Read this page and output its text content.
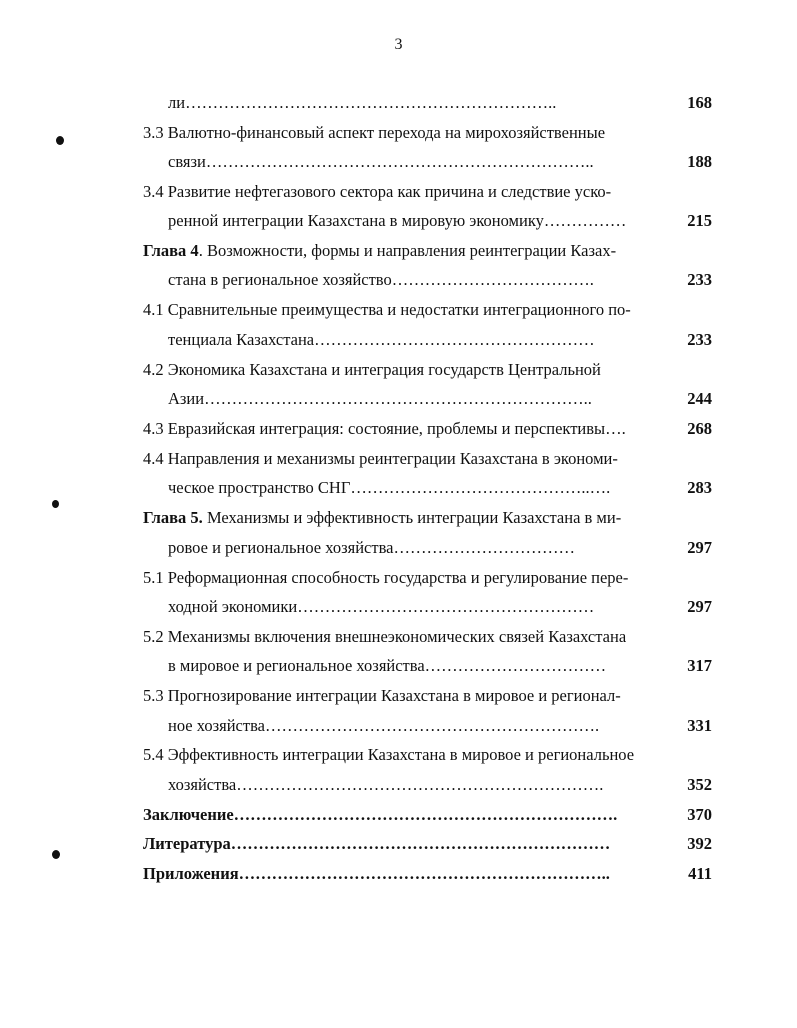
3
ли…………………………………………………………..	168
3.3 Валютно-финансовый аспект перехода на мирохозяйственные
связи……………………………………………………………..	188
3.4 Развитие нефтегазового сектора как причина и следствие уско-
ренной интеграции Казахстана в мировую экономику……………	215
Глава 4. Возможности, формы и направления реинтеграции Казах-
стана в региональное хозяйство……………………………….	233
4.1 Сравнительные преимущества и недостатки интеграционного по-
тенциала Казахстана……………………………………………	233
4.2 Экономика Казахстана и интеграция государств Центральной
Азии……………………………………………………………..	244
4.3 Евразийская интеграция: состояние, проблемы и перспективы….	268
4.4 Направления и механизмы реинтеграции Казахстана в экономи-
ческое пространство СНГ……………………………………..….	283
Глава 5. Механизмы и эффективность интеграции Казахстана в ми-
ровое и региональное хозяйства……………………………	297
5.1 Реформационная способность государства и регулирование пере-
ходной экономики………………………………………………	297
5.2 Механизмы включения внешнеэкономических связей Казахстана
в мировое и региональное хозяйства……………………………	317
5.3 Прогнозирование интеграции Казахстана в мировое и регионал-
ное хозяйства…………………………………………………….	331
5.4 Эффективность интеграции Казахстана в мировое и региональное
хозяйства………………………………………………………….	352
Заключение…………………………………………………………….	370
Литература……………………………………………………………	392
Приложения…………………………………………………………..	411
